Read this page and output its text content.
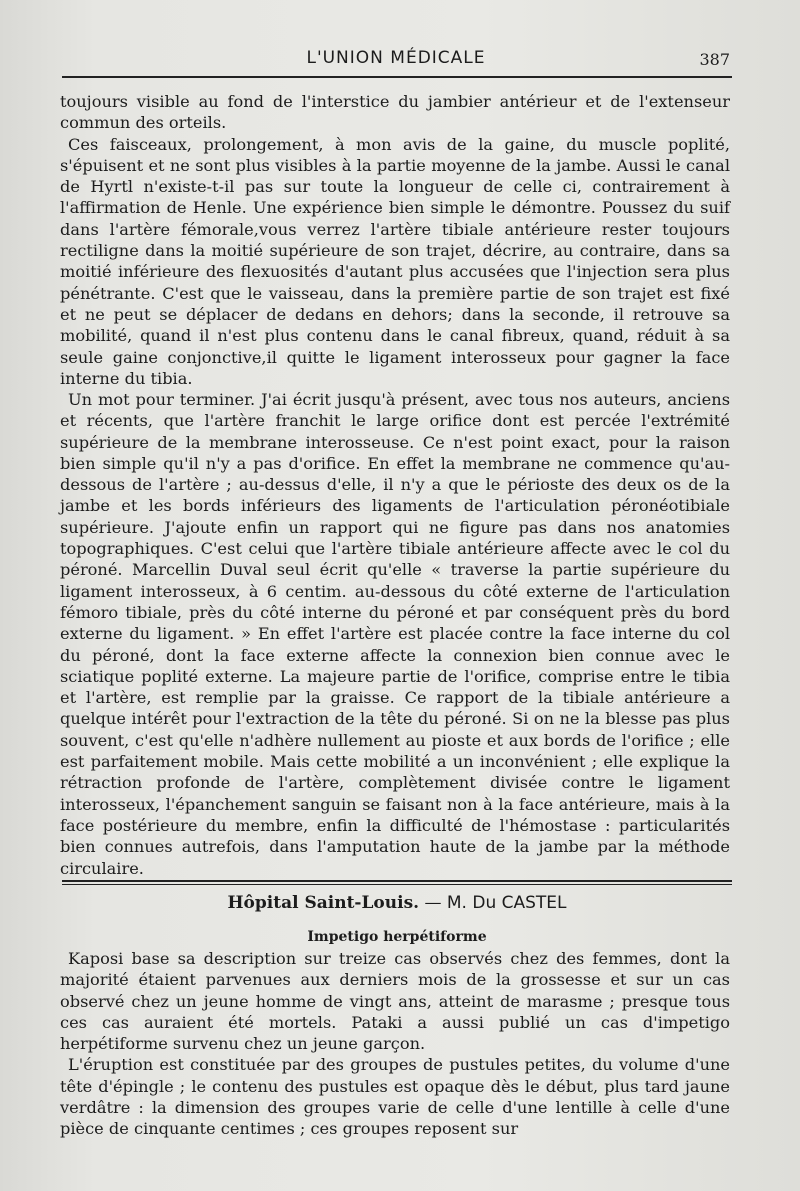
L'UNION MÉDICALE	387

toujours visible au fond de l'interstice du jambier antérieur et de l'extenseur commun des orteils.

Ces faisceaux, prolongement, à mon avis de la gaine, du muscle poplité, s'épuisent et ne sont plus visibles à la partie moyenne de la jambe. Aussi le canal de Hyrtl n'existe-t-il pas sur toute la longueur de celle ci, contrairement à l'affirmation de Henle. Une expérience bien simple le démontre. Poussez du suif dans l'artère fémorale,vous verrez l'artère tibiale antérieure rester toujours rectiligne dans la moitié supérieure de son trajet, décrire, au contraire, dans sa moitié inférieure des flexuosités d'autant plus accusées que l'injection sera plus pénétrante. C'est que le vaisseau, dans la première partie de son trajet est fixé et ne peut se déplacer de dedans en dehors; dans la seconde, il retrouve sa mobilité, quand il n'est plus contenu dans le canal fibreux, quand, réduit à sa seule gaine conjonctive,il quitte le ligament interosseux pour gagner la face interne du tibia.

Un mot pour terminer. J'ai écrit jusqu'à présent, avec tous nos auteurs, anciens et récents, que l'artère franchit le large orifice dont est percée l'extrémité supérieure de la membrane interosseuse. Ce n'est point exact, pour la raison bien simple qu'il n'y a pas d'orifice. En effet la membrane ne commence qu'au-dessous de l'artère ; au-dessus d'elle, il n'y a que le périoste des deux os de la jambe et les bords inférieurs des ligaments de l'articulation péronéotibiale supérieure. J'ajoute enfin un rapport qui ne figure pas dans nos anatomies topographiques. C'est celui que l'artère tibiale antérieure affecte avec le col du péroné. Marcellin Duval seul écrit qu'elle « traverse la partie supérieure du ligament interosseux, à 6 centim. au-dessous du côté externe de l'articulation fémoro tibiale, près du côté interne du péroné et par conséquent près du bord externe du ligament. » En effet l'artère est placée contre la face interne du col du péroné, dont la face externe affecte la connexion bien connue avec le sciatique poplité externe. La majeure partie de l'orifice, comprise entre le tibia et l'artère, est remplie par la graisse. Ce rapport de la tibiale antérieure a quelque intérêt pour l'extraction de la tête du péroné. Si on ne la blesse pas plus souvent, c'est qu'elle n'adhère nullement au pioste et aux bords de l'orifice ; elle est parfaitement mobile. Mais cette mobilité a un inconvénient ; elle explique la rétraction profonde de l'artère, complètement divisée contre le ligament interosseux, l'épanchement sanguin se faisant non à la face antérieure, mais à la face postérieure du membre, enfin la difficulté de l'hémostase : particularités bien connues autrefois, dans l'amputation haute de la jambe par la méthode circulaire.

Hôpital Saint-Louis. — M. Du CASTEL
Impetigo herpétiforme

Kaposi base sa description sur treize cas observés chez des femmes, dont la majorité étaient parvenues aux derniers mois de la grossesse et sur un cas observé chez un jeune homme de vingt ans, atteint de marasme ; presque tous ces cas auraient été mortels. Pataki a aussi publié un cas d'impetigo herpétiforme survenu chez un jeune garçon.

L'éruption est constituée par des groupes de pustules petites, du volume d'une tête d'épingle ; le contenu des pustules est opaque dès le début, plus tard jaune verdâtre : la dimension des groupes varie de celle d'une lentille à celle d'une pièce de cinquante centimes ; ces groupes reposent sur
